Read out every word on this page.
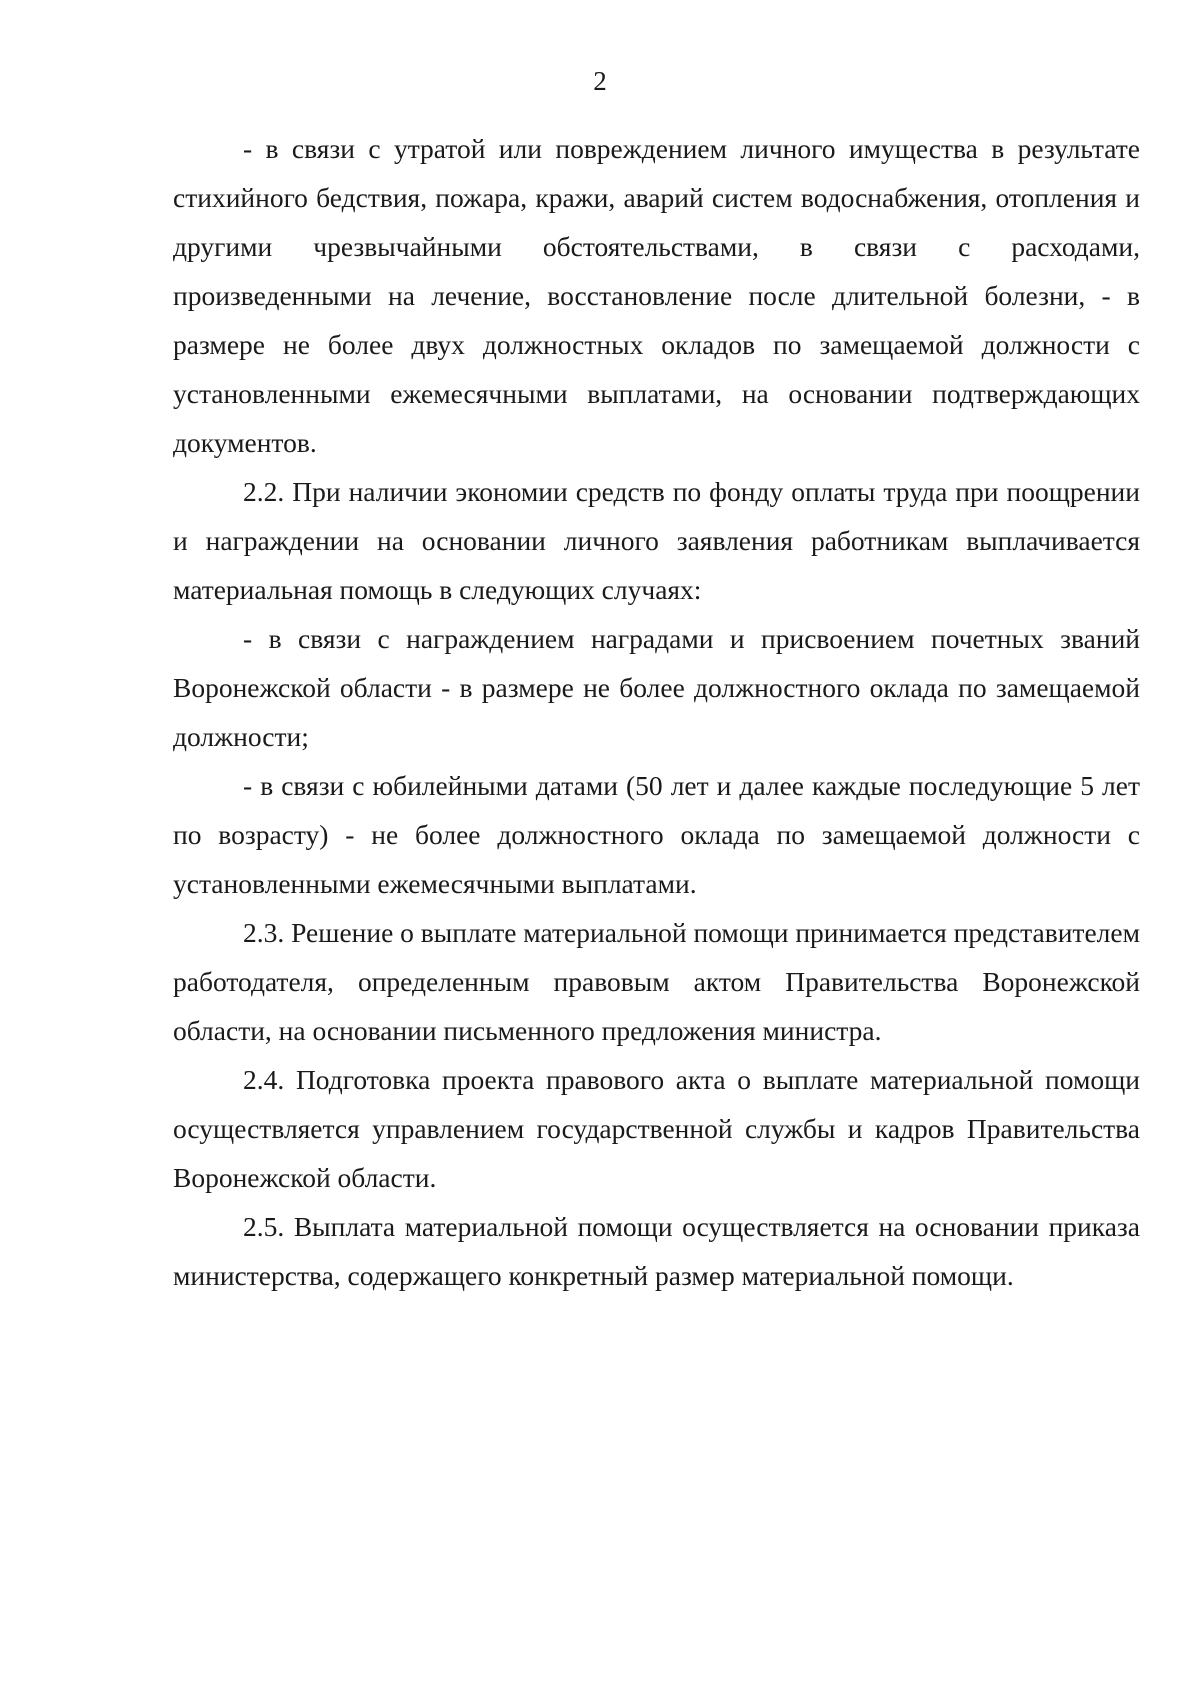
2

- в связи с утратой или повреждением личного имущества в результате стихийного бедствия, пожара, кражи, аварий систем водоснабжения, отопления и другими чрезвычайными обстоятельствами, в связи с расходами, произведенными на лечение, восстановление после длительной болезни, - в размере не более двух должностных окладов по замещаемой должности с установленными ежемесячными выплатами, на основании подтверждающих документов.

2.2. При наличии экономии средств по фонду оплаты труда при поощрении и награждении на основании личного заявления работникам выплачивается материальная помощь в следующих случаях:

- в связи с награждением наградами и присвоением почетных званий Воронежской области - в размере не более должностного оклада по замещаемой должности;

- в связи с юбилейными датами (50 лет и далее каждые последующие 5 лет по возрасту) - не более должностного оклада по замещаемой должности с установленными ежемесячными выплатами.

2.3. Решение о выплате материальной помощи принимается представителем работодателя, определенным правовым актом Правительства Воронежской области, на основании письменного предложения министра.

2.4. Подготовка проекта правового акта о выплате материальной помощи осуществляется управлением государственной службы и кадров Правительства Воронежской области.

2.5. Выплата материальной помощи осуществляется на основании приказа министерства, содержащего конкретный размер материальной помощи.
